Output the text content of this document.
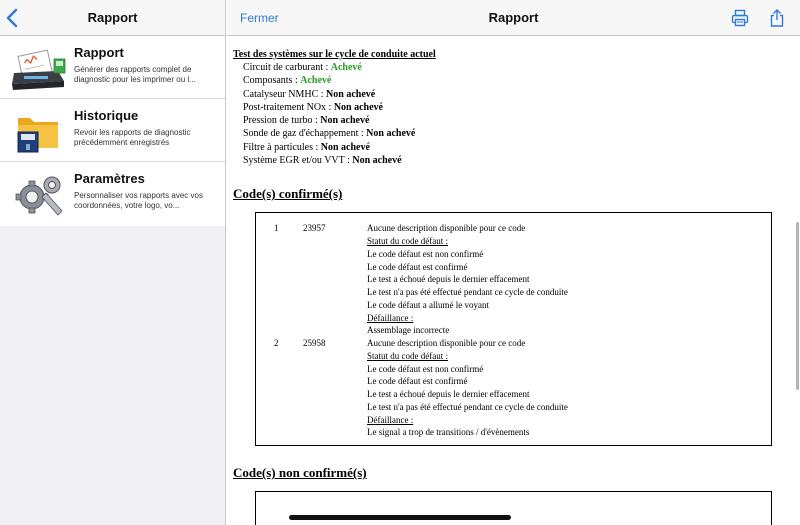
Rapport
Rapport
Générer des rapports complet de diagnostic pour les imprimer ou l...
Historique
Revoir les rapports de diagnostic précédemment enregistrés
Paramètres
Personnaliser vos rapports avec vos coordonnées, votre logo, vo...
Fermer	Rapport
Test des systèmes sur le cycle de conduite actuel
Circuit de carburant : Achevé
Composants : Achevé
Catalyseur NMHC : Non achevé
Post-traitement NOx : Non achevé
Pression de turbo : Non achevé
Sonde de gaz d'échappement : Non achevé
Filtre à particules : Non achevé
Système EGR et/ou VVT : Non achevé
Code(s) confirmé(s)
1	23957	Aucune description disponible pour ce code
Statut du code défaut :
Le code défaut est non confirmé
Le code défaut est confirmé
Le test a échoué depuis le dernier effacement
Le test n'a pas été effectué pendant ce cycle de conduite
Le code défaut a allumé le voyant
Défaillance :
Assemblage incorrecte
2	25958	Aucune description disponible pour ce code
Statut du code défaut :
Le code défaut est non confirmé
Le code défaut est confirmé
Le test a échoué depuis le dernier effacement
Le test n'a pas été effectué pendant ce cycle de conduite
Défaillance :
Le signal a trop de transitions / d'évènements
Code(s) non confirmé(s)
